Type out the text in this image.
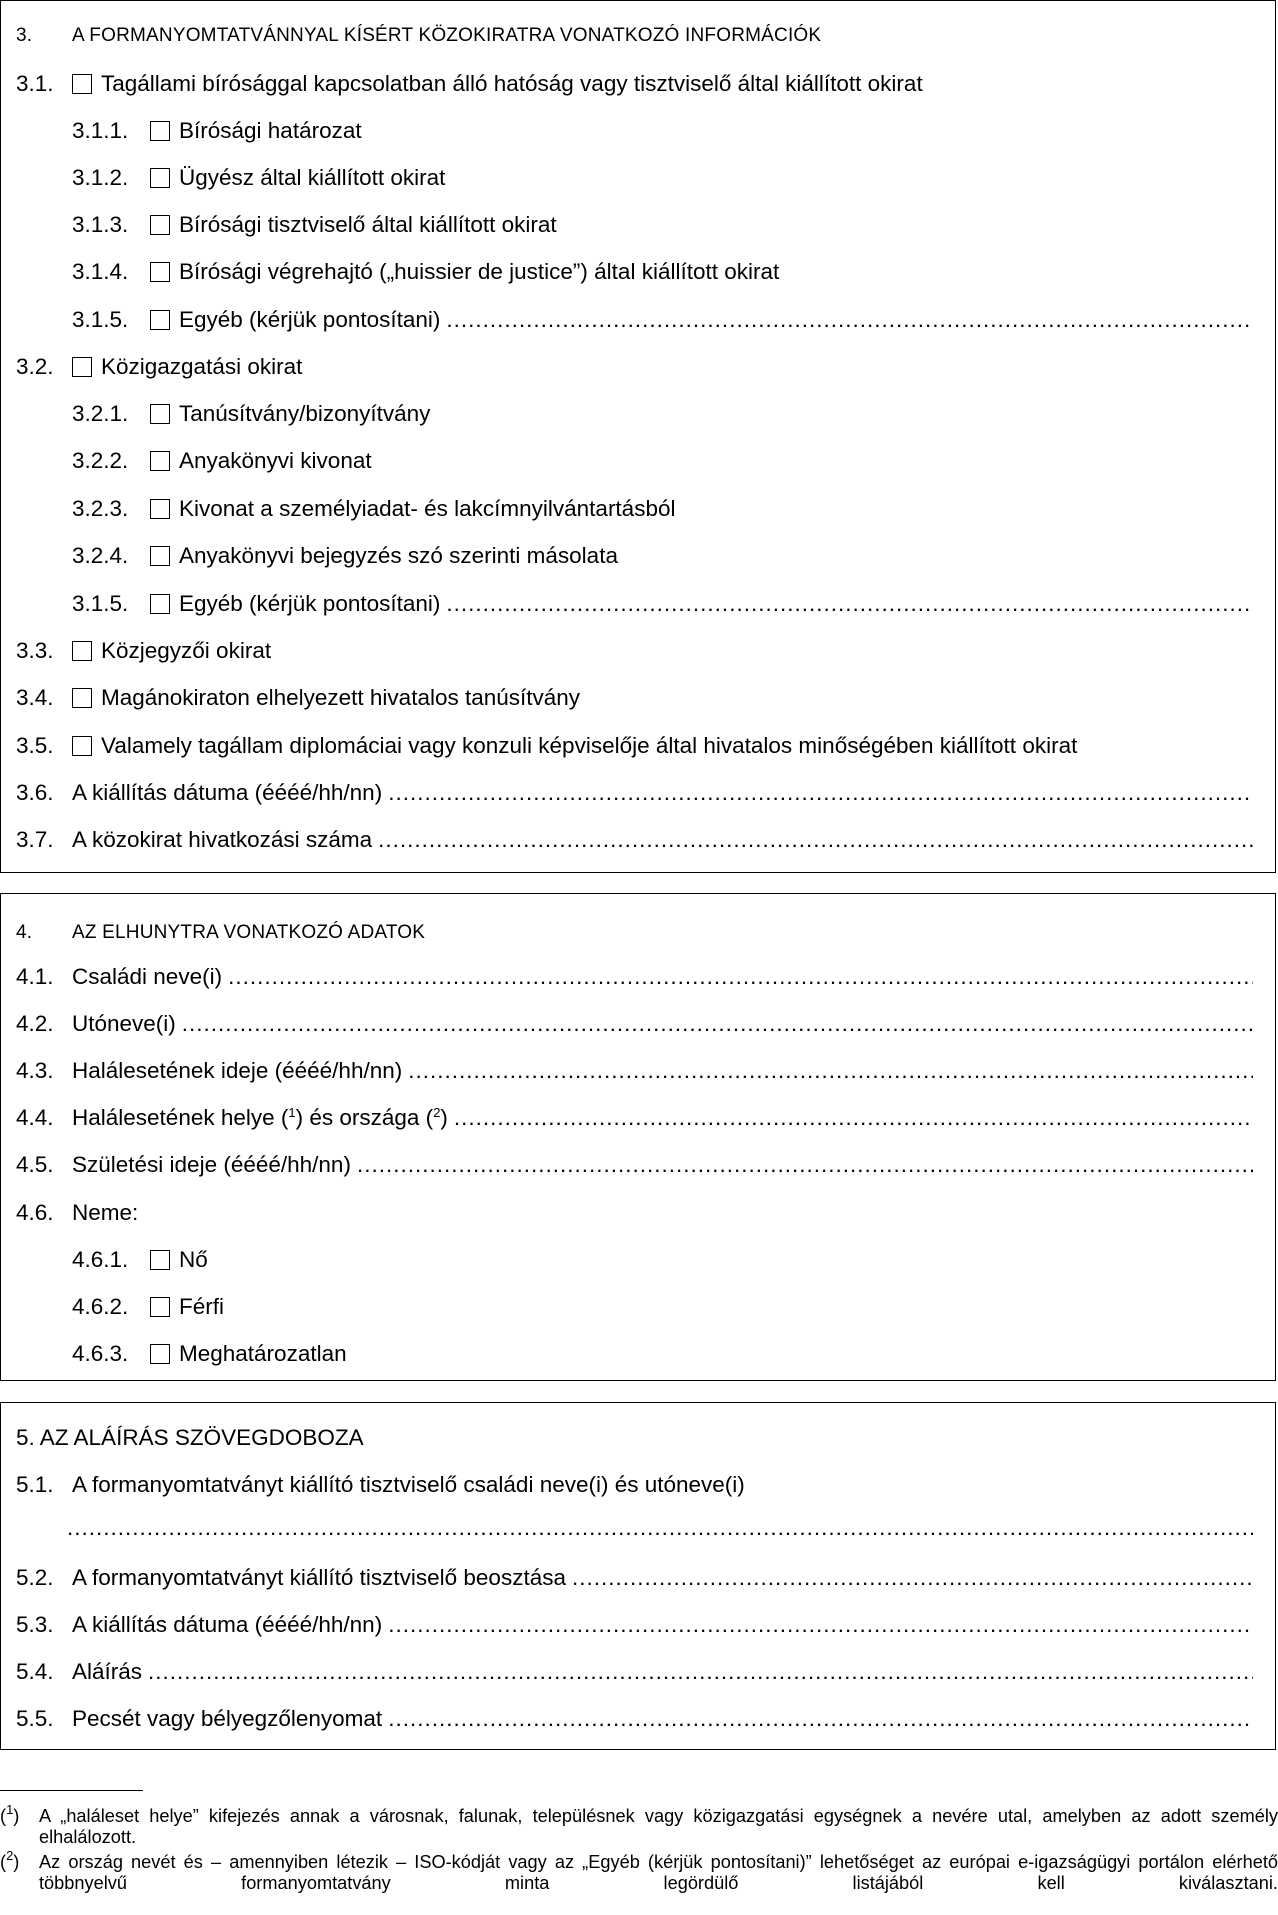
3. A FORMANYOMTATVÁNNYAL KÍSÉRT KÖZOKIRATRA VONATKOZÓ INFORMÁCIÓK
3.1. Tagállami bírósággal kapcsolatban álló hatóság vagy tisztviselő által kiállított okirat
3.1.1. Bírósági határozat
3.1.2. Ügyész által kiállított okirat
3.1.3. Bírósági tisztviselő által kiállított okirat
3.1.4. Bírósági végrehajtó („huissier de justice”) által kiállított okirat
3.1.5. Egyéb (kérjük pontosítani)
.....
3.2. Közigazgatási okirat
3.2.1. Tanúsítvány/bizonyítvány
3.2.2. Anyakönyvi kivonat
3.2.3. Kivonat a személyiadat- és lakcímnyilvántartásból
3.2.4. Anyakönyvi bejegyzés szó szerinti másolata
3.1.5. Egyéb (kérjük pontosítani)
.....
3.3. Közjegyzői okirat
3.4. Magánokiraton elhelyezett hivatalos tanúsítvány
3.5. Valamely tagállam diplomáciai vagy konzuli képviselője által hivatalos minőségében kiállított okirat
3.6. A kiállítás dátuma (éééé/hh/nn)
.....
3.7. A közokirat hivatkozási száma
.....
4. AZ ELHUNYTRA VONATKOZÓ ADATOK
4.1. Családi neve(i)
.....
4.2. Utóneve(i)
.....
4.3. Halálesetének ideje (éééé/hh/nn)
.....
4.4. Halálesetének helye ($^1$) és országa ($^2$)
.....
4.5. Születési ideje (éééé/hh/nn)
.....
4.6. Neme:
4.6.1. Nő
4.6.2. Férfi
4.6.3. Meghatározatlan
5. AZ ALÁÍRÁS SZÖVEGDOBOZA
5.1. A formanyomtatványt kiállító tisztviselő családi neve(i) és utóneve(i)
.....
5.2. A formanyomtatványt kiállító tisztviselő beosztása
.....
5.3. A kiállítás dátuma (éééé/hh/nn)
.....
5.4. Aláírás
.....
5.5. Pecsét vagy bélyegzőlenyomat
.....
($^1$) A „haláleset helye” kifejezés annak a városnak, falunak, településnek vagy közigazgatási egységnek a nevére utal, amelyben az adott személy elhalálozott.
($^2$) Az ország nevét és – amennyiben létezik – ISO-kódját vagy az „Egyéb (kérjük pontosítani)” lehetőséget az európai e-igazságügyi portálon elérhető többnyelvű formanyomtatvány minta legördülő listájából kell kiválasztani.
